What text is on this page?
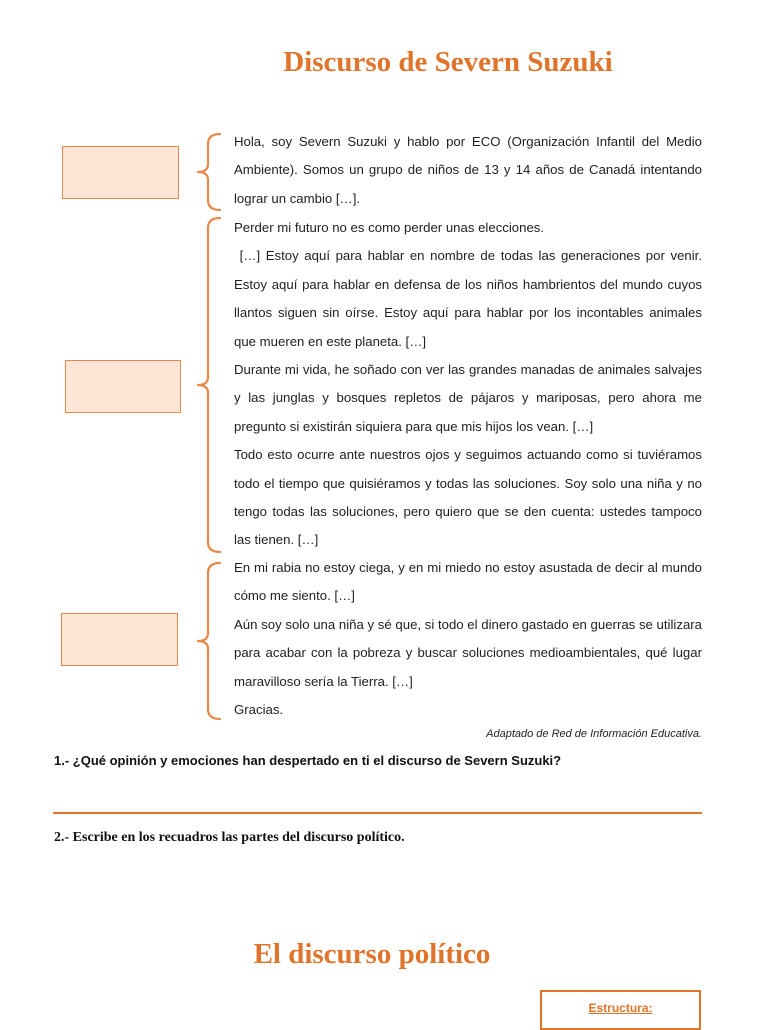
Discurso de Severn Suzuki

Hola, soy Severn Suzuki y hablo por ECO (Organización Infantil del Medio Ambiente). Somos un grupo de niños de 13 y 14 años de Canadá intentando lograr un cambio […].

Perder mi futuro no es como perder unas elecciones.

[…] Estoy aquí para hablar en nombre de todas las generaciones por venir. Estoy aquí para hablar en defensa de los niños hambrientos del mundo cuyos llantos siguen sin oírse. Estoy aquí para hablar por los incontables animales que mueren en este planeta. […]

Durante mi vida, he soñado con ver las grandes manadas de animales salvajes y las junglas y bosques repletos de pájaros y mariposas, pero ahora me pregunto si existirán siquiera para que mis hijos los vean. […]

Todo esto ocurre ante nuestros ojos y seguimos actuando como si tuviéramos todo el tiempo que quisiéramos y todas las soluciones. Soy solo una niña y no tengo todas las soluciones, pero quiero que se den cuenta: ustedes tampoco las tienen. […]

En mi rabia no estoy ciega, y en mi miedo no estoy asustada de decir al mundo cómo me siento. […]

Aún soy solo una niña y sé que, si todo el dinero gastado en guerras se utilizara para acabar con la pobreza y buscar soluciones medioambientales, qué lugar maravilloso sería la Tierra. […]

Gracias.

Adaptado de Red de Información Educativa.

1.- ¿Qué opinión y emociones han despertado en ti el discurso de Severn Suzuki?

2.- Escribe en los recuadros las partes del discurso político.

El discurso político
Estructura:
